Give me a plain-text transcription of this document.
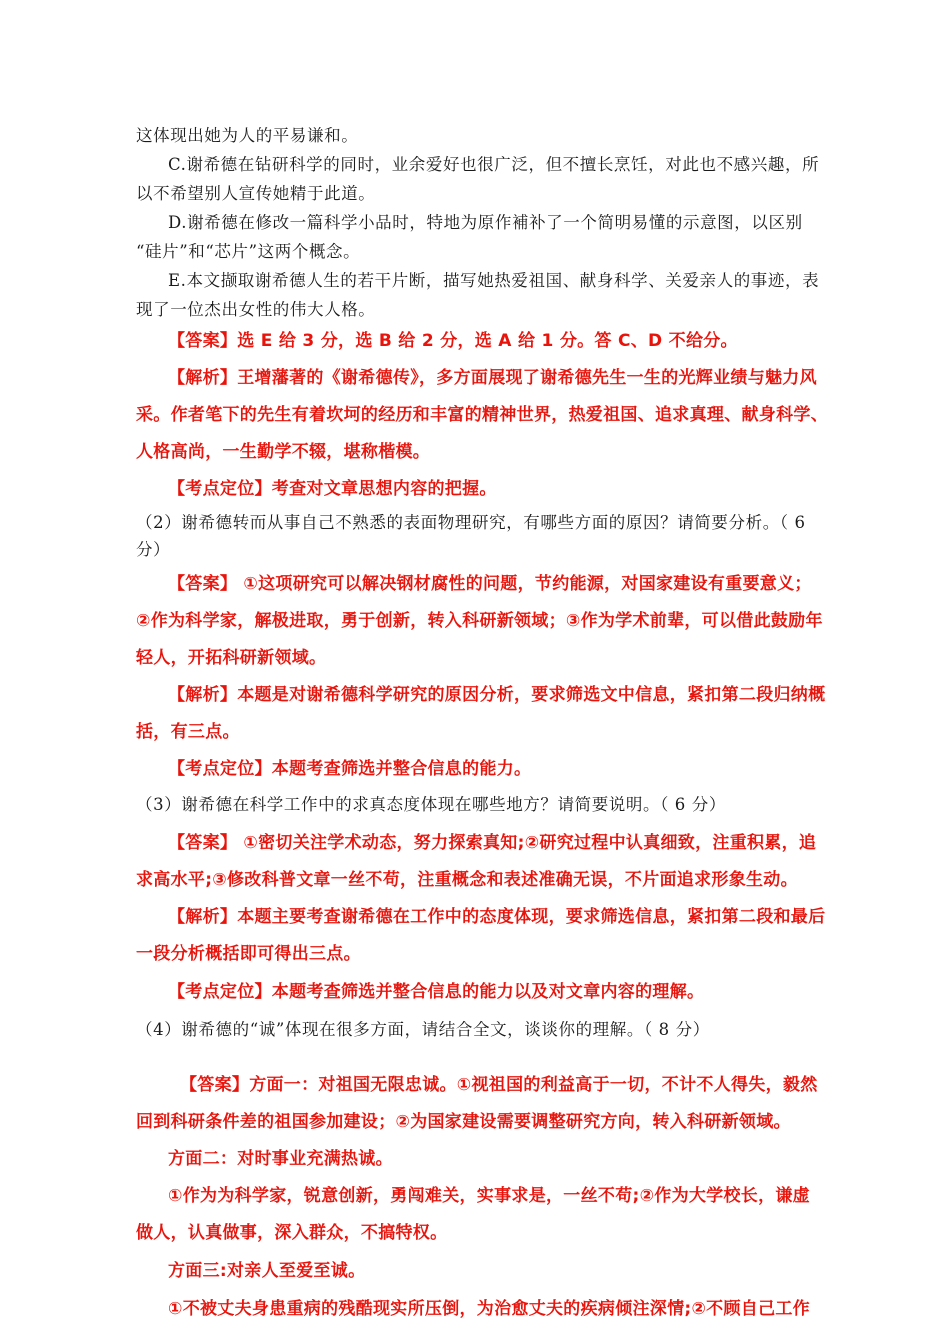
这体现出她为人的平易谦和。
C.谢希德在钻研科学的同时，业余爱好也很广泛，但不擅长烹饪，对此也不感兴趣，所
以不希望别人宣传她精于此道。
D.谢希德在修改一篇科学小品时，特地为原作補补了一个简明易懂的示意图，以区别
“硅片”和“芯片”这两个概念。
E.本文撷取谢希德人生的若干片断，描写她热爱祖国、献身科学、关爱亲人的事迹，表
现了一位杰出女性的伟大人格。
【答案】选 E 给 3 分，选 B 给 2 分，选 A 给 1 分。答 C、D 不给分。
【解析】王增藩著的《谢希德传》，多方面展现了谢希德先生一生的光辉业绩与魅力风
采。作者笔下的先生有着坎坷的经历和丰富的精神世界，热爱祖国、追求真理、献身科学、
人格高尚，一生勤学不辍，堪称楷模。
【考点定位】考查对文章思想内容的把握。
（2）谢希德转而从事自己不熟悉的表面物理研究，有哪些方面的原因？请简要分析。（ 6
分）
【答案】 ①这项研究可以解决钢材腐性的问题，节约能源，对国家建设有重要意义；
②作为科学家，解极进取，勇于创新，转入科研新领域；③作为学术前辈，可以借此鼓励年
轻人，开拓科研新领域。
【解析】本题是对谢希德科学研究的原因分析，要求筛选文中信息，紧扣第二段归纳概
括，有三点。
【考点定位】本题考查筛选并整合信息的能力。
（3）谢希德在科学工作中的求真态度体现在哪些地方？请简要说明。（ 6 分）
【答案】 ①密切关注学术动态，努力探索真知;②研究过程中认真细致，注重积累，追
求高水平;③修改科普文章一丝不苟，注重概念和表述准确无误，不片面追求形象生动。
【解析】本题主要考查谢希德在工作中的态度体现，要求筛选信息，紧扣第二段和最后
一段分析概括即可得出三点。
【考点定位】本题考查筛选并整合信息的能力以及对文章内容的理解。
（4）谢希德的“诚”体现在很多方面，请结合全文，谈谈你的理解。（ 8 分）
【答案】方面一：对祖国无限忠诚。①视祖国的利益高于一切，不计不人得失，毅然
回到科研条件差的祖国参加建设；②为国家建设需要调整研究方向，转入科研新领域。
方面二：对时事业充满热诚。
①作为为科学家，锐意创新，勇闯难关，实事求是，一丝不苟;②作为大学校长，谦虚
做人，认真做事，深入群众，不搞特权。
方面三:对亲人至爱至诚。
①不被丈夫身患重病的残酷现实所压倒，为治愈丈夫的疾病倾注深情;②不顾自己工作
